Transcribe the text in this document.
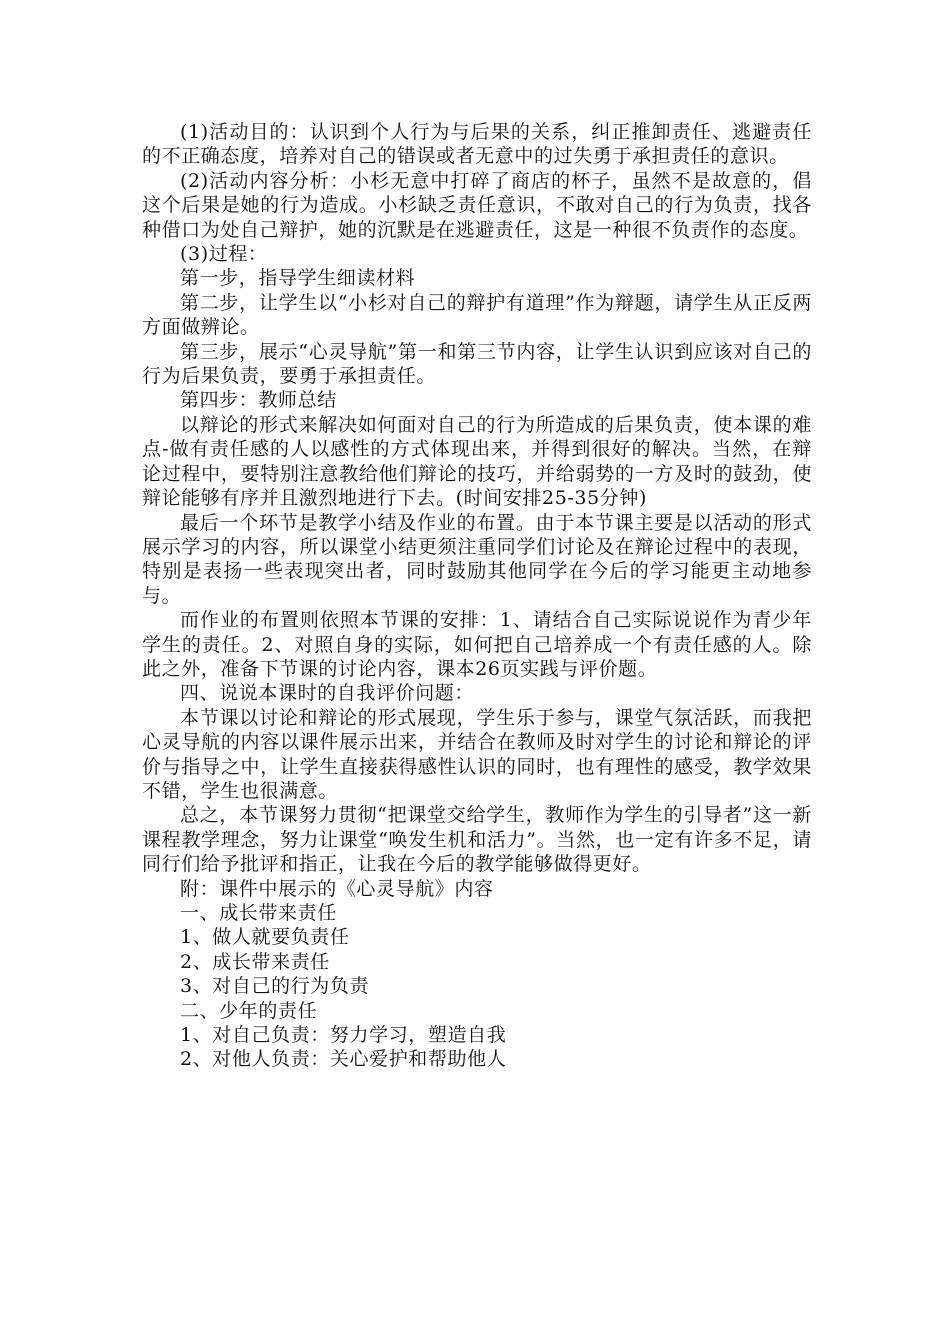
(1)活动目的：认识到个人行为与后果的关系，纠正推卸责任、逃避责任的不正确态度，培养对自己的错误或者无意中的过失勇于承担责任的意识。

(2)活动内容分析：小杉无意中打碎了商店的杯子，虽然不是故意的，倡这个后果是她的行为造成。小杉缺乏责任意识，不敢对自己的行为负责，找各种借口为处自己辩护，她的沉默是在逃避责任，这是一种很不负责作的态度。

(3)过程：

第一步，指导学生细读材料

第二步，让学生以“小杉对自己的辩护有道理”作为辩题，请学生从正反两方面做辨论。

第三步，展示“心灵导航”第一和第三节内容，让学生认识到应该对自己的行为后果负责，要勇于承担责任。

第四步：教师总结

以辩论的形式来解决如何面对自己的行为所造成的后果负责，使本课的难点-做有责任感的人以感性的方式体现出来，并得到很好的解决。当然，在辩论过程中，要特别注意教给他们辩论的技巧，并给弱势的一方及时的鼓劲，使辩论能够有序并且激烈地进行下去。(时间安排25-35分钟)

最后一个环节是教学小结及作业的布置。由于本节课主要是以活动的形式展示学习的内容，所以课堂小结更须注重同学们讨论及在辩论过程中的表现，特别是表扬一些表现突出者，同时鼓励其他同学在今后的学习能更主动地参与。

而作业的布置则依照本节课的安排：1、请结合自己实际说说作为青少年学生的责任。2、对照自身的实际，如何把自己培养成一个有责任感的人。除此之外，准备下节课的讨论内容，课本26页实践与评价题。

四、说说本课时的自我评价问题：

本节课以讨论和辩论的形式展现，学生乐于参与，课堂气氛活跃，而我把心灵导航的内容以课件展示出来，并结合在教师及时对学生的讨论和辩论的评价与指导之中，让学生直接获得感性认识的同时，也有理性的感受，教学效果不错，学生也很满意。

总之，本节课努力贯彻“把课堂交给学生，教师作为学生的引导者”这一新课程教学理念，努力让课堂“唤发生机和活力”。当然，也一定有许多不足，请同行们给予批评和指正，让我在今后的教学能够做得更好。

附：课件中展示的《心灵导航》内容

一、成长带来责任

1、做人就要负责任

2、成长带来责任

3、对自己的行为负责

二、少年的责任

1、对自己负责：努力学习，塑造自我

2、对他人负责：关心爱护和帮助他人
